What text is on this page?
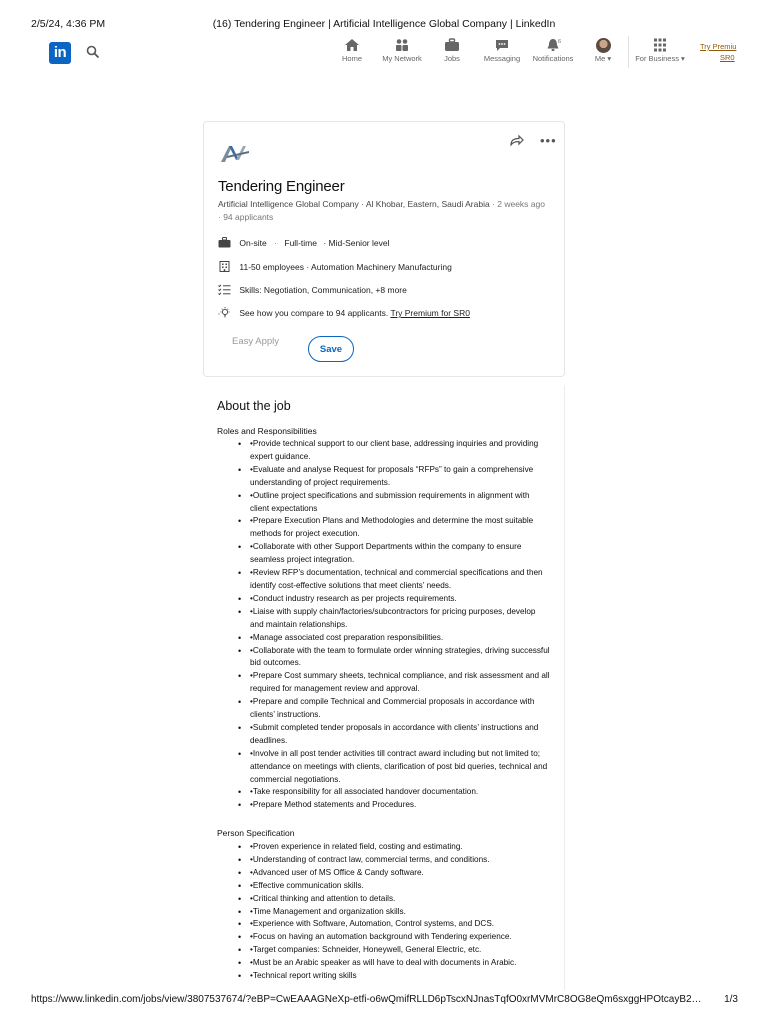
2/5/24, 4:36 PM	(16) Tendering Engineer | Artificial Intelligence Global Company | LinkedIn
in	Home	My Network	Jobs	Messaging	Notifications
6
Me ▾	For Business ▾
Try Premiu
SR0
•••
Tendering Engineer
Artificial Intelligence Global Company · Al Khobar, Eastern, Saudi Arabia · 2 weeks ago
· 94 applicants
On-site · Full-time · Mid-Senior level
11-50 employees · Automation Machinery Manufacturing
Skills: Negotiation, Communication, +8 more
See how you compare to 94 applicants. Try Premium for SR0
Easy Apply
Save
About the job
Roles and Responsibilities
• •Provide technical support to our client base, addressing inquiries and providing expert guidance.
• •Evaluate and analyse Request for proposals “RFPs” to gain a comprehensive understanding of project requirements.
• •Outline project specifications and submission requirements in alignment with client expectations
• •Prepare Execution Plans and Methodologies and determine the most suitable methods for project execution.
• •Collaborate with other Support Departments within the company to ensure seamless project integration.
• •Review RFP’s documentation, technical and commercial specifications and then identify cost-effective solutions that meet clients’ needs.
• •Conduct industry research as per projects requirements.
• •Liaise with supply chain/factories/subcontractors for pricing purposes, develop and maintain relationships.
• •Manage associated cost preparation responsibilities.
• •Collaborate with the team to formulate order winning strategies, driving successful bid outcomes.
• •Prepare Cost summary sheets, technical compliance, and risk assessment and all required for management review and approval.
• •Prepare and compile Technical and Commercial proposals in accordance with clients’ instructions.
• •Submit completed tender proposals in accordance with clients’ instructions and deadlines.
• •Involve in all post tender activities till contract award including but not limited to; attendance on meetings with clients, clarification of post bid queries, technical and commercial negotiations.
• •Take responsibility for all associated handover documentation.
• •Prepare Method statements and Procedures.
Person Specification
• •Proven experience in related field, costing and estimating.
• •Understanding of contract law, commercial terms, and conditions.
• •Advanced user of MS Office & Candy software.
• •Effective communication skills.
• •Critical thinking and attention to details.
• •Time Management and organization skills.
• •Experience with Software, Automation, Control systems, and DCS.
• •Focus on having an automation background with Tendering experience.
• •Target companies: Schneider, Honeywell, General Electric, etc.
• •Must be an Arabic speaker as will have to deal with documents in Arabic.
• •Technical report writing skills
https://www.linkedin.com/jobs/view/3807537674/?eBP=CwEAAAGNeXp-etfi-o6wQmifRLLD6pTscxNJnasTqfO0xrMVMrC8OG8eQm6sxggHPOtcayB2…	1/3
